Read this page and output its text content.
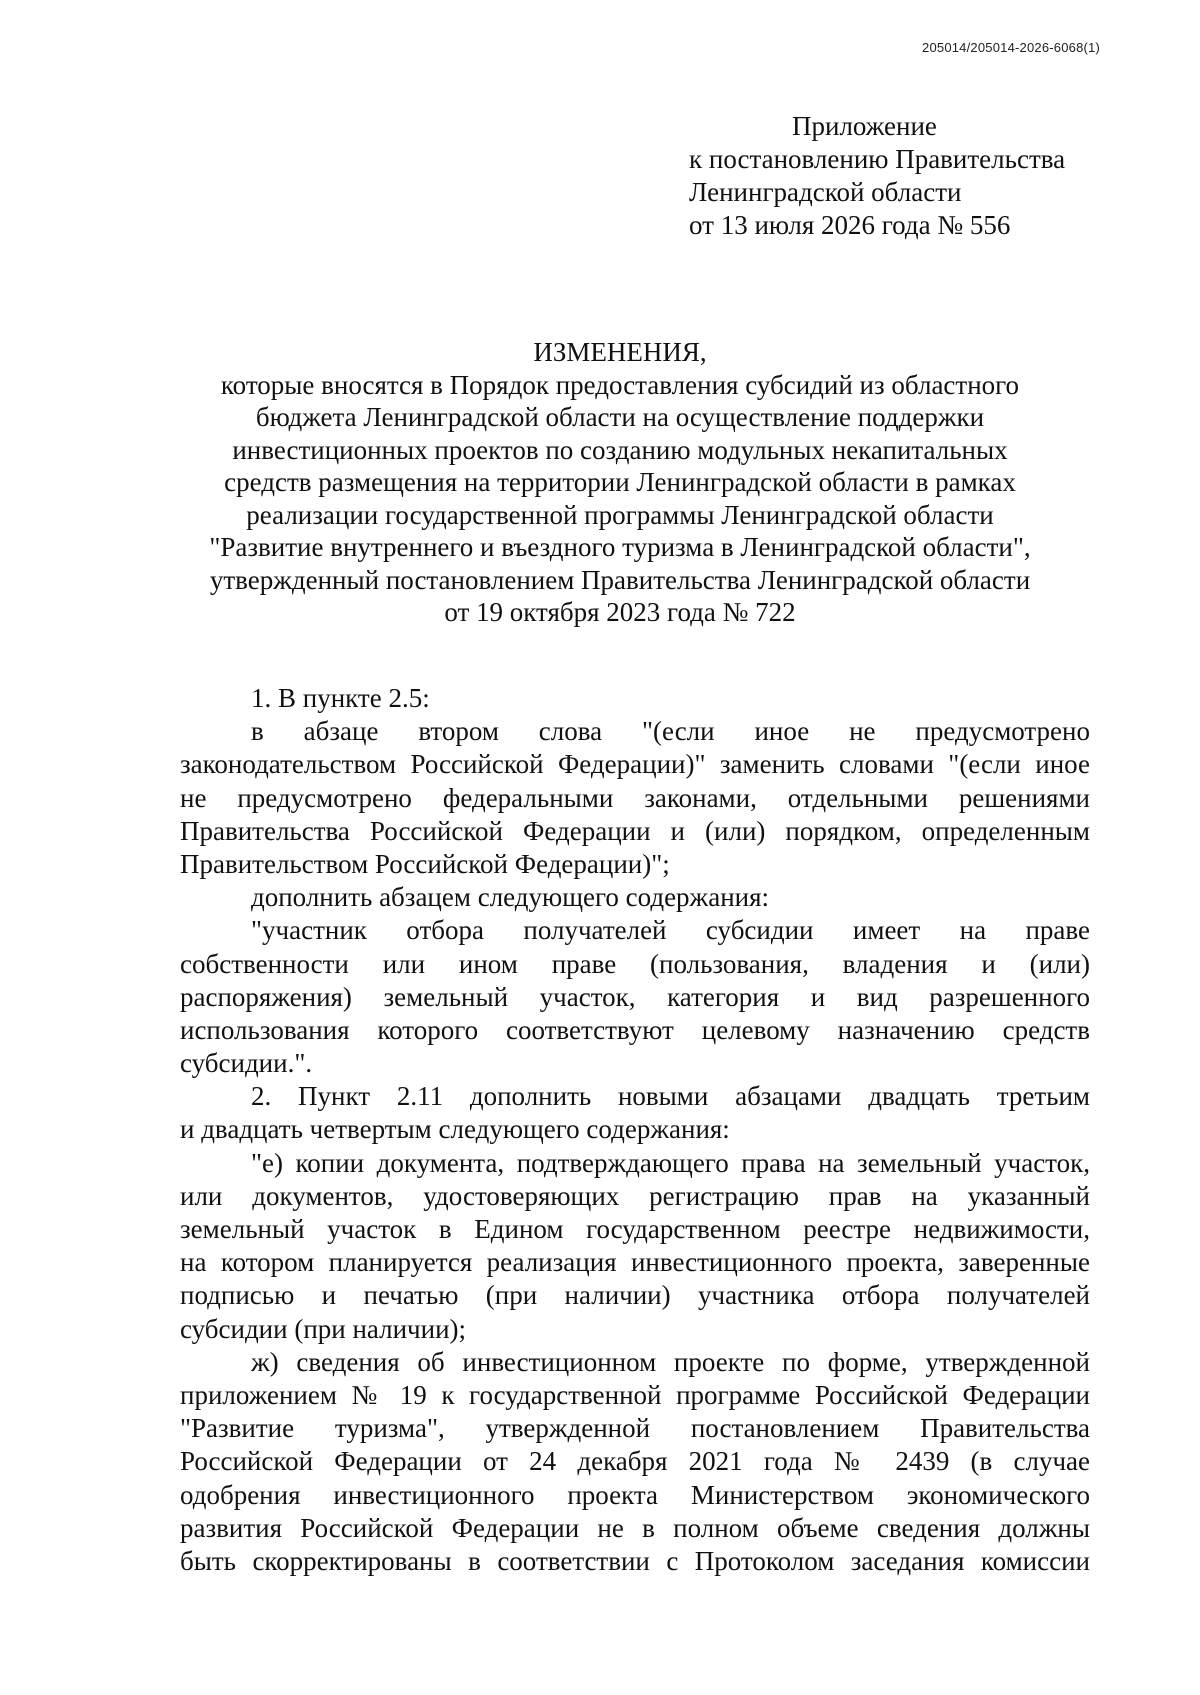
205014/205014-2026-6068(1)
Приложение
к постановлению Правительства
Ленинградской области
от 13 июля 2026 года № 556
ИЗМЕНЕНИЯ,
которые вносятся в Порядок предоставления субсидий из областного
бюджета Ленинградской области на осуществление поддержки
инвестиционных проектов по созданию модульных некапитальных
средств размещения на территории Ленинградской области в рамках
реализации государственной программы Ленинградской области
"Развитие внутреннего и въездного туризма в Ленинградской области",
утвержденный постановлением Правительства Ленинградской области
от 19 октября 2023 года № 722
1. В пункте 2.5:
в абзаце втором слова "(если иное не предусмотрено
законодательством Российской Федерации)" заменить словами "(если иное
не предусмотрено федеральными законами, отдельными решениями
Правительства Российской Федерации и (или) порядком, определенным
Правительством Российской Федерации)";
дополнить абзацем следующего содержания:
"участник отбора получателей субсидии имеет на праве
собственности или ином праве (пользования, владения и (или)
распоряжения) земельный участок, категория и вид разрешенного
использования которого соответствуют целевому назначению средств
субсидии.".
2. Пункт 2.11 дополнить новыми абзацами двадцать третьим
и двадцать четвертым следующего содержания:
"е) копии документа, подтверждающего права на земельный участок,
или документов, удостоверяющих регистрацию прав на указанный
земельный участок в Едином государственном реестре недвижимости,
на котором планируется реализация инвестиционного проекта, заверенные
подписью и печатью (при наличии) участника отбора получателей
субсидии (при наличии);
ж) сведения об инвестиционном проекте по форме, утвержденной
приложением № 19 к государственной программе Российской Федерации
"Развитие туризма", утвержденной постановлением Правительства
Российской Федерации от 24 декабря 2021 года № 2439 (в случае
одобрения инвестиционного проекта Министерством экономического
развития Российской Федерации не в полном объеме сведения должны
быть скорректированы в соответствии с Протоколом заседания комиссии
